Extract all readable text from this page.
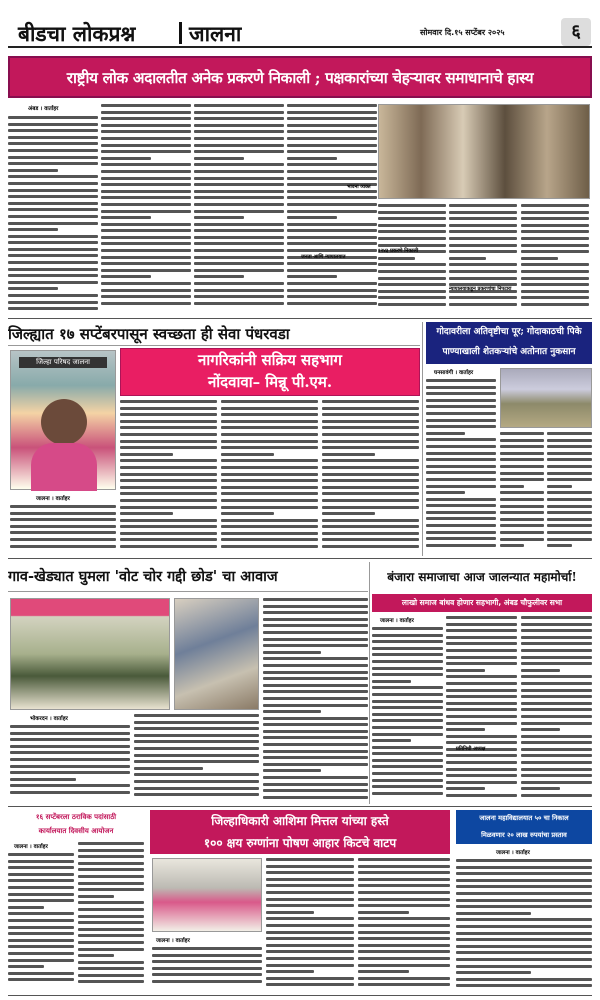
बीडचा लोकप्रश्न	जालना	सोमवार दि.१५ सप्टेंबर २०२५	६
राष्ट्रीय लोक अदालतीत अनेक प्रकरणे निकाली ; पक्षकारांच्या चेहऱ्यावर समाधानाचे हास्य
अंबड । वार्ताहर
भावना व्यक्त
जनता आणि न्यायालयात
१२४३ प्रकरणे निकाली
न्यायालयाकडून प्रकरणांचा निपटारा
जिल्ह्यात १७ सप्टेंबरपासून स्वच्छता ही सेवा पंधरवडा
नागरिकांनी सक्रिय सहभाग
नोंदवावा– मिन्नू पी.एम.
जिल्हा परिषद जालना
जालना । वार्ताहर
गोदावरीला अतिवृष्टीचा पूर; गोदाकाठची पिके
पाण्याखाली शेतकऱ्यांचे अतोनात नुकसान
घनसावंगी । वार्ताहर
गाव-खेड्यात घुमला 'वोट चोर गद्दी छोड' चा आवाज
भोकरदन । वार्ताहर
बंजारा समाजाचा आज जालन्यात महामोर्चा!
लाखो समाज बांधव होणार सहभागी, अंबड चौफुलीवर सभा
जालना । वार्ताहर
प्रतिनिधी अध्यक्ष
१६ सप्टेंबरला ठराविक पदांसाठी
कार्यालयात दिवसीय आयोजन
जालना । वार्ताहर
जिल्हाधिकारी आशिमा मित्तल यांच्या हस्ते
१०० क्षय रुग्णांना पोषण आहार किटचे वाटप
जालना । वार्ताहर
जालना महाविद्यालयात ५० चा निकाल
मिळवणार २० लाख रुपयांचा प्रस्ताव
जालना । वार्ताहर
